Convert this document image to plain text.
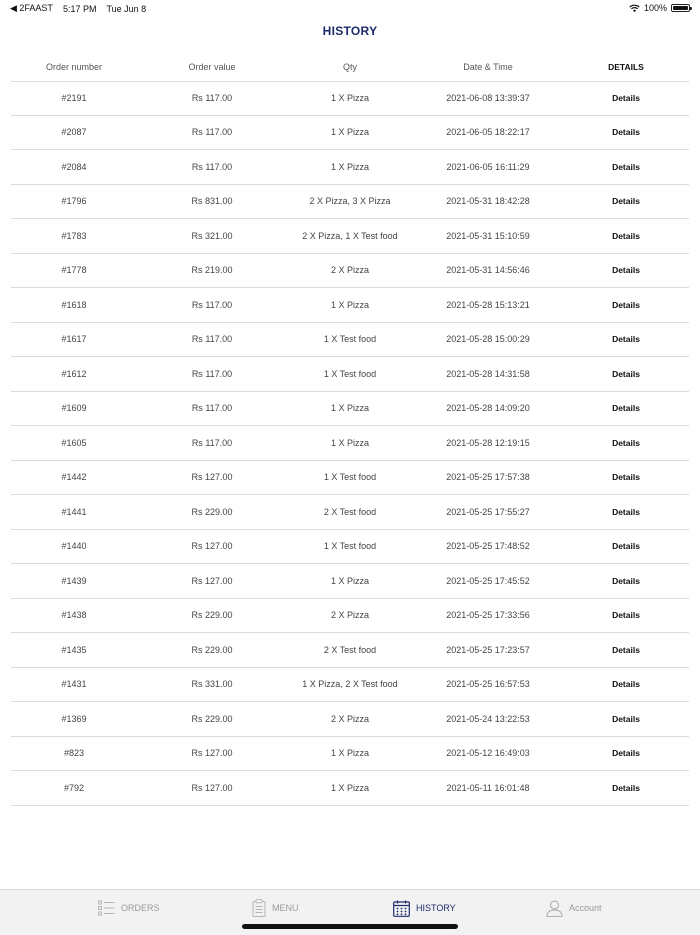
◀ 2FAAST 5:17 PM Tue Jun 8	100%
HISTORY
Order number	Order value	Qty	Date & Time	DETAILS
#2191	Rs 117.00	1 X Pizza	2021-06-08 13:39:37	Details
#2087	Rs 117.00	1 X Pizza	2021-06-05 18:22:17	Details
#2084	Rs 117.00	1 X Pizza	2021-06-05 16:11:29	Details
#1796	Rs 831.00	2 X Pizza, 3 X Pizza	2021-05-31 18:42:28	Details
#1783	Rs 321.00	2 X Pizza, 1 X Test food	2021-05-31 15:10:59	Details
#1778	Rs 219.00	2 X Pizza	2021-05-31 14:56:46	Details
#1618	Rs 117.00	1 X Pizza	2021-05-28 15:13:21	Details
#1617	Rs 117.00	1 X Test food	2021-05-28 15:00:29	Details
#1612	Rs 117.00	1 X Test food	2021-05-28 14:31:58	Details
#1609	Rs 117.00	1 X Pizza	2021-05-28 14:09:20	Details
#1605	Rs 117.00	1 X Pizza	2021-05-28 12:19:15	Details
#1442	Rs 127.00	1 X Test food	2021-05-25 17:57:38	Details
#1441	Rs 229.00	2 X Test food	2021-05-25 17:55:27	Details
#1440	Rs 127.00	1 X Test food	2021-05-25 17:48:52	Details
#1439	Rs 127.00	1 X Pizza	2021-05-25 17:45:52	Details
#1438	Rs 229.00	2 X Pizza	2021-05-25 17:33:56	Details
#1435	Rs 229.00	2 X Test food	2021-05-25 17:23:57	Details
#1431	Rs 331.00	1 X Pizza, 2 X Test food	2021-05-25 16:57:53	Details
#1369	Rs 229.00	2 X Pizza	2021-05-24 13:22:53	Details
#823	Rs 127.00	1 X Pizza	2021-05-12 16:49:03	Details
#792	Rs 127.00	1 X Pizza	2021-05-11 16:01:48	Details
ORDERS	MENU	HISTORY	Account
